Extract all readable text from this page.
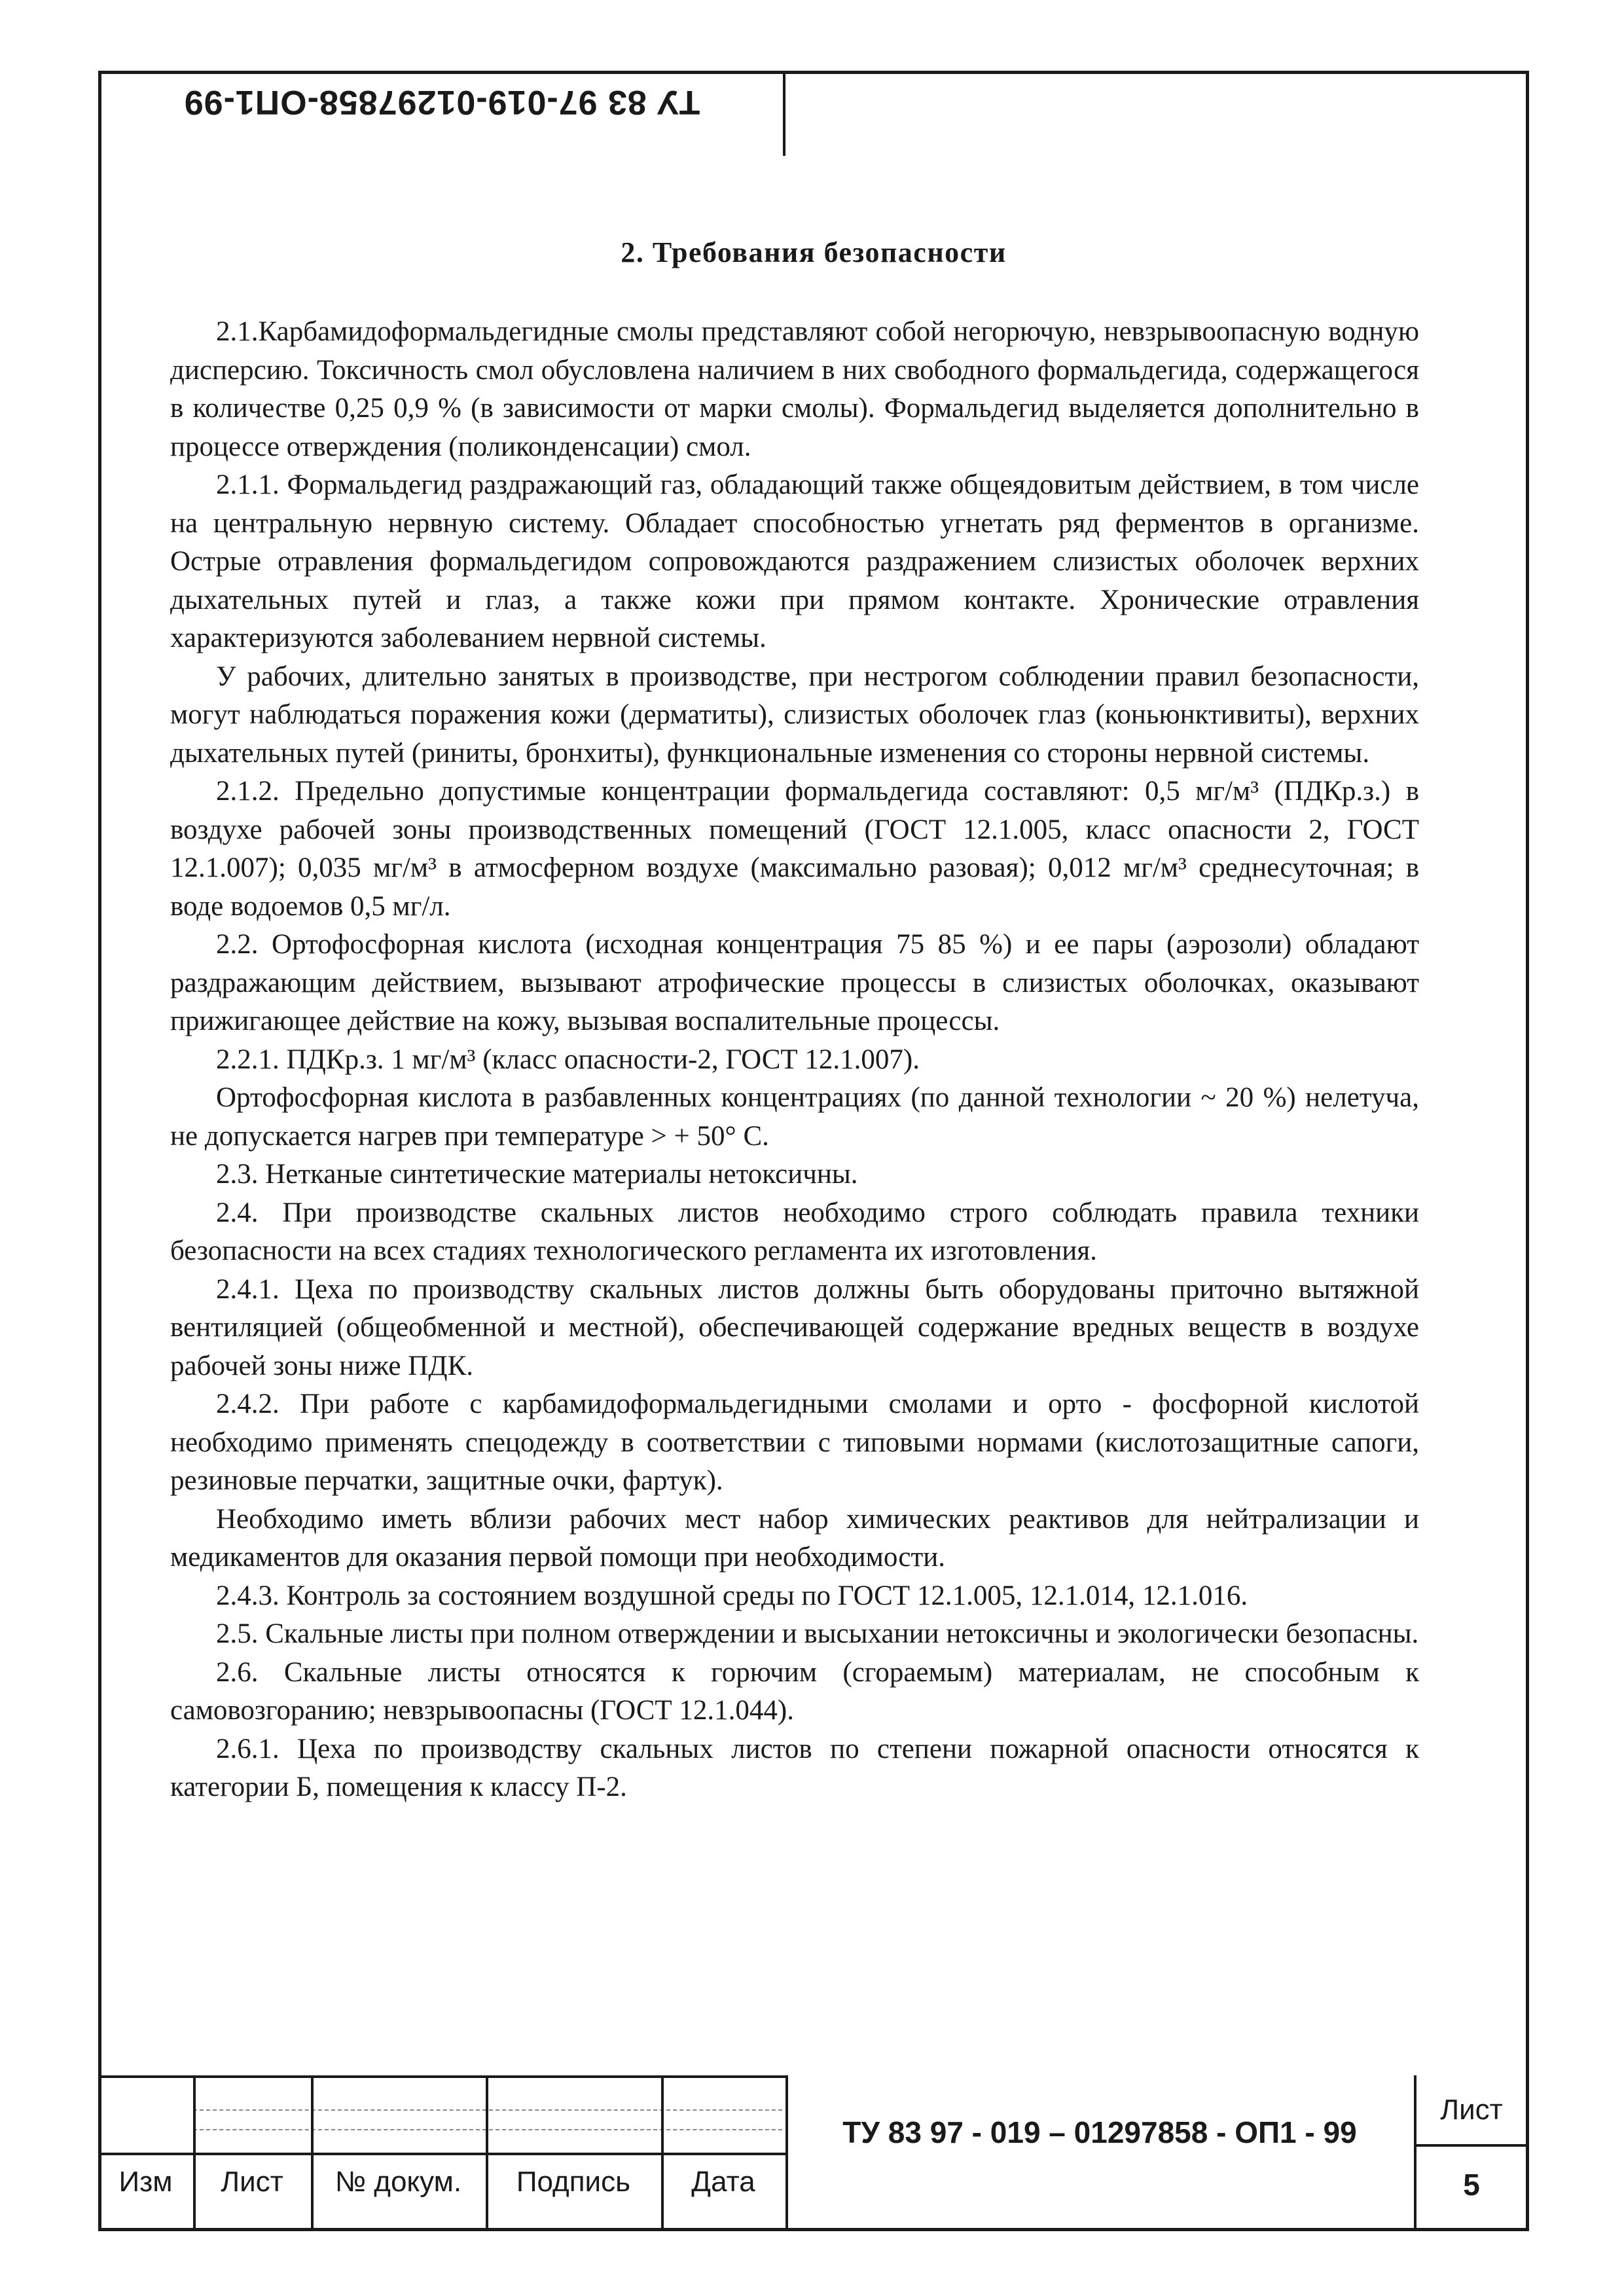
ТУ 83 97-019-01297858-ОП1-99
2. Требования безопасности

2.1.Карбамидоформальдегидные смолы представляют собой негорючую, невзрывоопасную водную дисперсию. Токсичность смол обусловлена наличием в них свободного формальдегида, содержащегося в количестве 0,25 0,9 % (в зависимости от марки смолы). Формальдегид выделяется дополнительно в процессе отверждения (поликонденсации) смол.

2.1.1. Формальдегид раздражающий газ, обладающий также общеядовитым действием, в том числе на центральную нервную систему. Обладает способностью угнетать ряд ферментов в организме. Острые отравления формальдегидом сопровождаются раздражением слизистых оболочек верхних дыхательных путей и глаз, а также кожи при прямом контакте. Хронические отравления характеризуются заболеванием нервной системы.

У рабочих, длительно занятых в производстве, при нестрогом соблюдении правил безопасности, могут наблюдаться поражения кожи (дерматиты), слизистых оболочек глаз (коньюнктивиты), верхних дыхательных путей (риниты, бронхиты), функциональные изменения со стороны нервной системы.

2.1.2. Предельно допустимые концентрации формальдегида составляют: 0,5 мг/м³ (ПДКр.з.) в воздухе рабочей зоны производственных помещений (ГОСТ 12.1.005, класс опасности 2, ГОСТ 12.1.007); 0,035 мг/м³ в атмосферном воздухе (максимально разовая); 0,012 мг/м³ среднесуточная; в воде водоемов 0,5 мг/л.

2.2. Ортофосфорная кислота (исходная концентрация 75 85 %) и ее пары (аэрозоли) обладают раздражающим действием, вызывают атрофические процессы в слизистых оболочках, оказывают прижигающее действие на кожу, вызывая воспалительные процессы.

2.2.1. ПДКр.з. 1 мг/м³ (класс опасности-2, ГОСТ 12.1.007).

Ортофосфорная кислота в разбавленных концентрациях (по данной технологии ~ 20 %) нелетуча, не допускается нагрев при температуре > + 50° С.

2.3. Нетканые синтетические материалы нетоксичны.

2.4. При производстве скальных листов необходимо строго соблюдать правила техники безопасности на всех стадиях технологического регламента их изготовления.

2.4.1. Цеха по производству скальных листов должны быть оборудованы приточно вытяжной вентиляцией (общеобменной и местной), обеспечивающей содержание вредных веществ в воздухе рабочей зоны ниже ПДК.

2.4.2. При работе с карбамидоформальдегидными смолами и орто - фосфорной кислотой необходимо применять спецодежду в соответствии с типовыми нормами (кислотозащитные сапоги, резиновые перчатки, защитные очки, фартук).

Необходимо иметь вблизи рабочих мест набор химических реактивов для нейтрализации и медикаментов для оказания первой помощи при необходимости.

2.4.3. Контроль за состоянием воздушной среды по ГОСТ 12.1.005, 12.1.014, 12.1.016.

2.5. Скальные листы при полном отверждении и высыхании нетоксичны и экологически безопасны.

2.6. Скальные листы относятся к горючим (сгораемым) материалам, не способным к самовозгоранию; невзрывоопасны (ГОСТ 12.1.044).

2.6.1. Цеха по производству скальных листов по степени пожарной опасности относятся к категории Б, помещения к классу П-2.

Изм	Лист	№ докум.	Подпись	Дата
ТУ 83 97 - 019 – 01297858 - ОП1 - 99
Лист
5
